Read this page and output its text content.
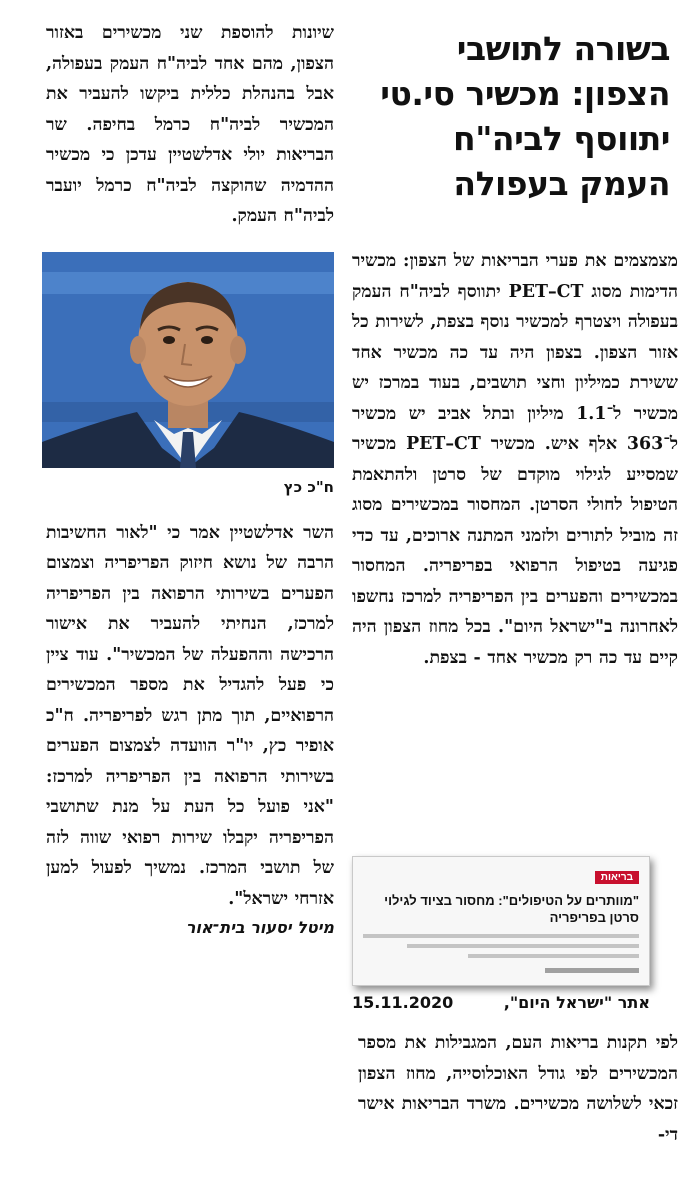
בשורה לתושבי הצפון: מכשיר סי.טי יתווסף לביה"ח העמק בעפולה

מצמצמים את פערי הבריאות של הצפון: מכשיר הדימות מסוג PET–CT יתווסף לביה"ח העמק בעפולה ויצטרף למכשיר נוסף בצפת, לשירות כל אזור הצפון. בצפון היה עד כה מכשיר אחד ששירת כמיליון וחצי תושבים, בעוד במרכז יש מכשיר ל־1.1 מיליון ובתל אביב יש מכשיר ל־363 אלף איש. מכשיר PET–CT מכשיר שמסייע לגילוי מוקדם של סרטן ולהתאמת הטיפול לחולי הסרטן. המחסור במכשירים מסוג זה מוביל לתורים ולזמני המתנה ארוכים, עד כדי פגיעה בטיפול הרפואי בפריפריה. המחסור במכשירים והפערים בין הפריפריה למרכז נחשפו לאחרונה ב"ישראל היום". בכל מחוז הצפון היה קיים עד כה רק מכשיר אחד - בצפת.

בריאות
"מוותרים על הטיפולים": מחסור בציוד לגילוי סרטן בפריפריה
אתר "ישראל היום",
15.11.2020

לפי תקנות בריאות העם, המגבילות את מספר המכשירים לפי גודל האוכלוסייה, מחוז הצפון זכאי לשלושה מכשירים. משרד הבריאות אישר די-

שיונות להוספת שני מכשירים באזור הצפון, מהם אחד לביה"ח העמק בעפולה, אבל בהנהלת כללית ביקשו להעביר את המכשיר לביה"ח כרמל בחיפה. שר הבריאות יולי אדלשטיין עדכן כי מכשיר ההדמיה שהוקצה לביה"ח כרמל יועבר לביה"ח העמק.

ח"כ כץ

השר אדלשטיין אמר כי "לאור החשיבות הרבה של נושא חיזוק הפריפריה וצמצום הפערים בשירותי הרפואה בין הפריפריה למרכז, הנחיתי להעביר את אישור הרכישה וההפעלה של המכשיר". עוד ציין כי פעל להגדיל את מספר המכשירים הרפואיים, תוך מתן רגש לפריפריה. ח"כ אופיר כץ, יו"ר הוועדה לצמצום הפערים בשירותי הרפואה בין הפריפריה למרכז: "אני פועל כל העת על מנת שתושבי הפריפריה יקבלו שירות רפואי שווה לזה של תושבי המרכז. נמשיך לפעול למען אזרחי ישראל".

מיטל יסעור בית־אור
